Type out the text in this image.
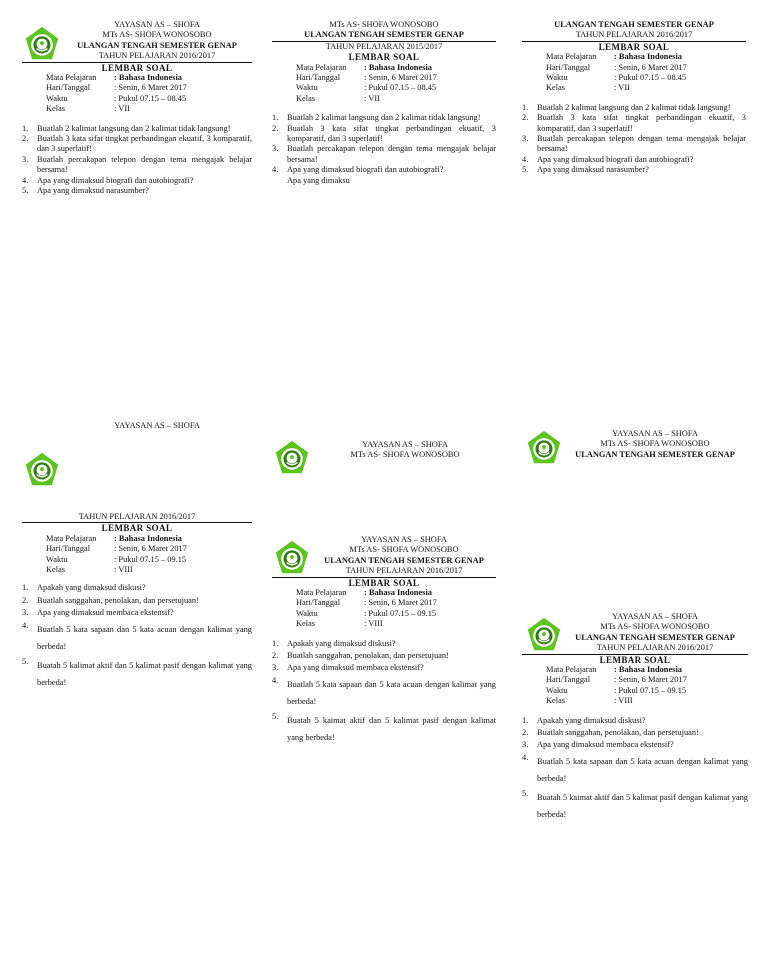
YAYASAN AS – SHOFA
MTs AS- SHOFA WONOSOBO
ULANGAN TENGAH SEMESTER GENAP
TAHUN PELAJARAN 2016/2017
LEMBAR SOAL
Mata Pelajaran	: Bahasa Indonesia
Hari/Tanggal	: Senin, 6 Maret 2017
Waktu	: Pukul 07.15 – 08.45
Kelas	: VII
1.	Buatlah 2 kalimat langsung dan 2 kalimat tidak langsung!
2.	Buatlah 3 kata sifat tingkat perbandingan ekuatif, 3 komparatif, dan 3 superlatif!
3.	Buatlah percakapan telepon dengan tema mengajak belajar bersama!
4.	Apa yang dimaksud biografi dan autobiografi?
5.	Apa yang dimaksud narasumber?
MTs AS- SHOFA WONOSOBO
ULANGAN TENGAH SEMESTER GENAP
TAHUN PELAJARAN 2015/2017
LEMBAR SOAL
Mata Pelajaran	: Bahasa Indonesia
Hari/Tanggal	: Senin, 6 Maret 2017
Waktu	: Pukul 07.15 – 08.45
Kelas	: VII
1.	Buatlah 2 kalimat langsung dan 2 kalimat tidak langsung!
2.	Buatlah 3 kata sifat tingkat perbandingan ekuatif, 3 komparatif, dan 3 superlatif!
3.	Buatlah percakapan telepon dengan tema mengajak belajar bersama!
4.	Apa yang dimaksud biografi dan autobiografi?
Apa yang dimaksu
ULANGAN TENGAH SEMESTER GENAP
TAHUN PELAJARAN 2016/2017
LEMBAR SOAL
Mata Pelajaran	: Bahasa Indonesia
Hari/Tanggal	: Senin, 6 Maret 2017
Waktu	: Pukul 07.15 – 08.45
Kelas	: VII
1.	Buatlah 2 kalimat langsung dan 2 kalimat tidak langsung!
2.	Buatlah 3 kata sifat tingkat perbandingan ekuatif, 3 komparatif, dan 3 superlatif!
3.	Buatlah percakapan telepon dengan tema mengajak belajar bersama!
4.	Apa yang dimaksud biografi dan autobiografi?
5.	Apa yang dimaksud narasumber?
YAYASAN AS – SHOFA
TAHUN PELAJARAN 2016/2017
LEMBAR SOAL
Mata Pelajaran	: Bahasa Indonesia
Hari/Tanggal	: Senin, 6 Maret 2017
Waktu	: Pukul 07.15 – 09.15
Kelas	: VIII
1.	Apakah yang dimaksud diskusi?
2.	Buatlah sanggahan, penolakan, dan persetujuan!
3.	Apa yang dimaksud membaca ekstensif?
4.	Buatlah 5 kata sapaan dan 5 kata acuan dengan kalimat yang berbeda!
5.	Buatah 5 kalimat aktif dan 5 kalimat pasif dengan kalimat yang berbeda!
YAYASAN AS – SHOFA
MTs AS- SHOFA WONOSOBO
YAYASAN AS – SHOFA
MTs AS- SHOFA WONOSOBO
ULANGAN TENGAH SEMESTER GENAP
TAHUN PELAJARAN 2016/2017
LEMBAR SOAL
Mata Pelajaran	: Bahasa Indonesia
Hari/Tanggal	: Senin, 6 Maret 2017
Waktu	: Pukul 07.15 – 09.15
Kelas	: VIII
1.	Apakah yang dimaksud diskusi?
2.	Buatlah sanggahan, penolakan, dan persetujuan!
3.	Apa yang dimaksud membaca ekstensif?
4.	Buatlah 5 kata sapaan dan 5 kata acuan dengan kalimat yang berbeda!
5.	Buatah 5 kaimat aktif dan 5 kalimat pasif dengan kalimat yang berbeda!
YAYASAN AS – SHOFA
MTs AS- SHOFA WONOSOBO
ULANGAN TENGAH SEMESTER GENAP
YAYASAN AS – SHOFA
MTs AS- SHOFA WONOSOBO
ULANGAN TENGAH SEMESTER GENAP
TAHUN PELAJARAN 2016/2017
LEMBAR SOAL
Mata Pelajaran	: Bahasa Indonesia
Hari/Tanggal	: Senin, 6 Maret 2017
Waktu	: Pukul 07.15 – 09.15
Kelas	: VIII
1.	Apakah yang dimaksud diskusi?
2.	Buatlah sanggahan, penolakan, dan persetujuan!
3.	Apa yang dimaksud membaca ekstensif?
4.	Buatlah 5 kata sapaan dan 5 kata acuan dengan kalimat yang berbeda!
5.	Buatah 5 kaimat aktif dan 5 kalimat pasif dengan kalimat yang berbeda!
